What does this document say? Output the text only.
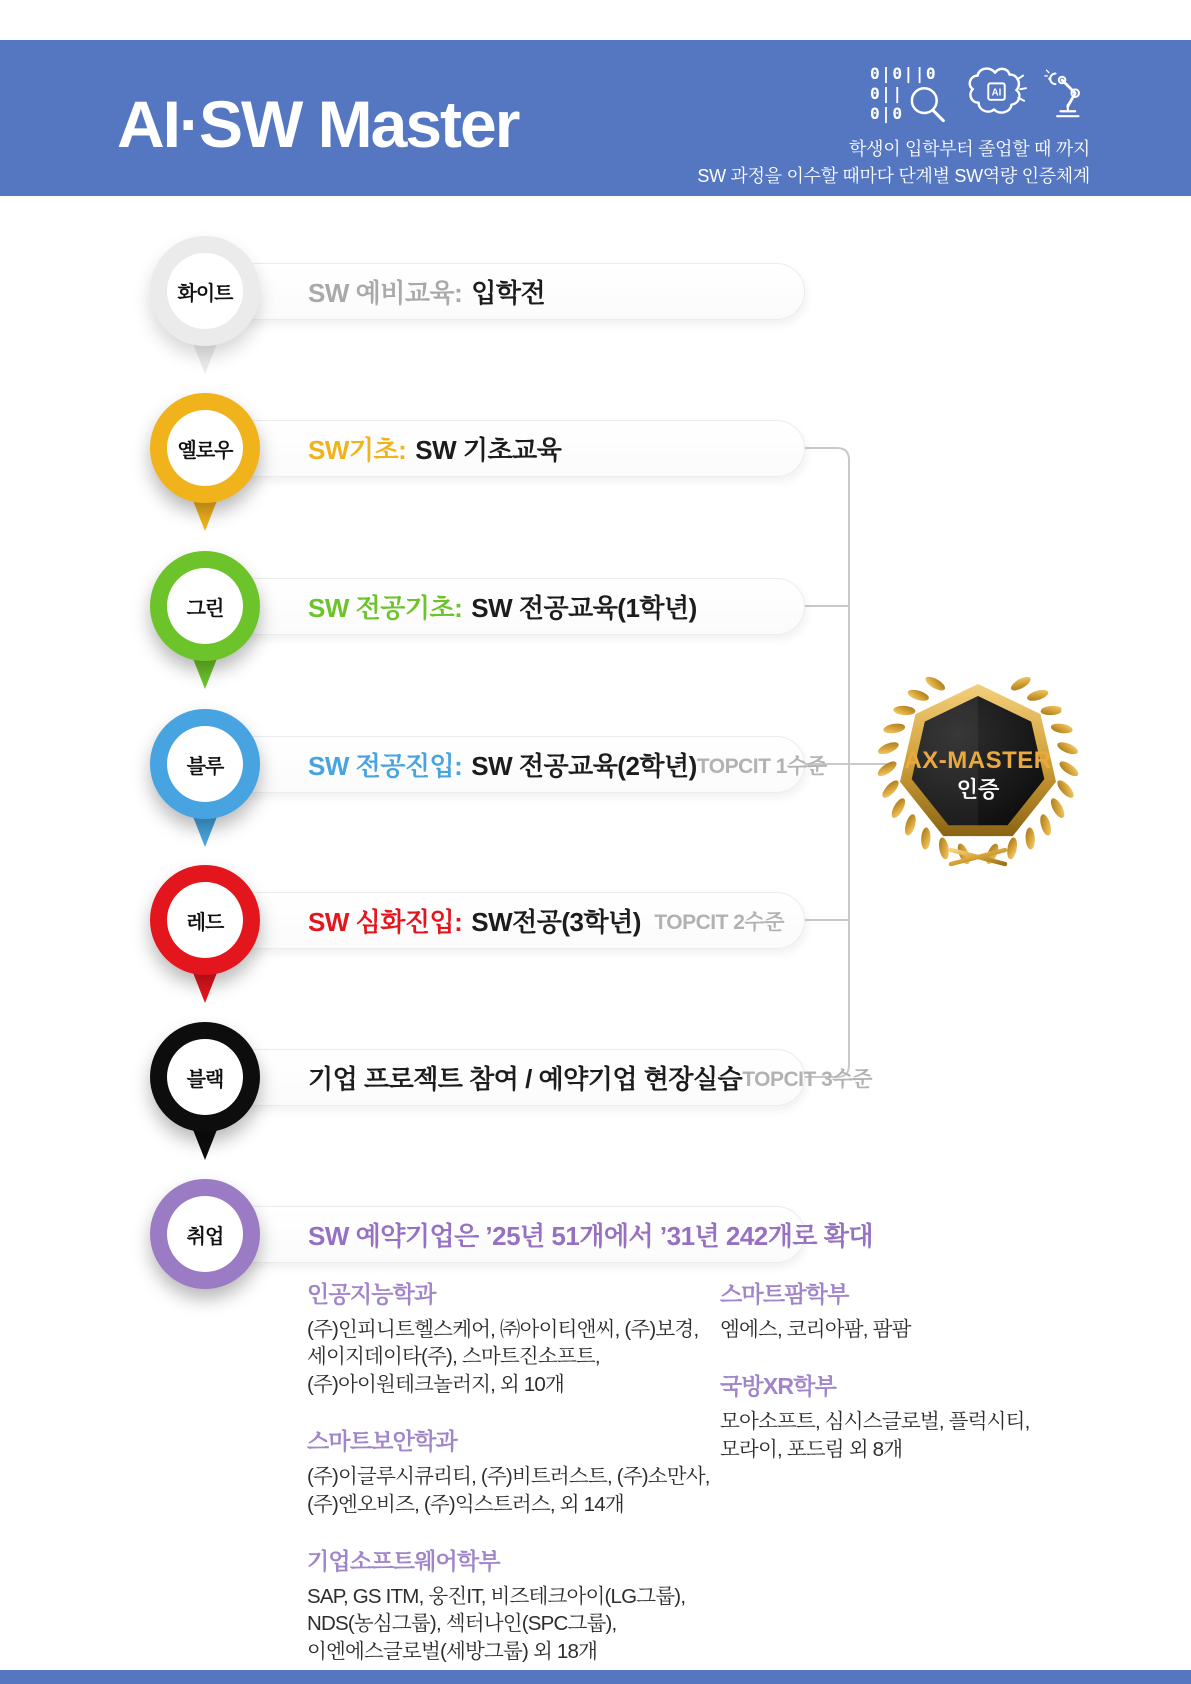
AI·SW Master
0|0||0
0||
0|0
AI
학생이 입학부터 졸업할 때 까지
SW 과정을 이수할 때마다 단계별 SW역량 인증체계
SW 예비교육: 입학전
화이트
SW기초: SW 기초교육
옐로우
SW 전공기초: SW 전공교육(1학년)
그린
SW 전공진입: SW 전공교육(2학년) TOPCIT 1수준
블루
SW 심화진입: SW전공(3학년) TOPCIT 2수준
레드
기업 프로젝트 참여 / 예약기업 현장실습 TOPCIT 3수준
블랙
SW 예약기업은 ’25년 51개에서 ’31년 242개로 확대
취업
AX-MASTER
인증
인공지능학과

(주)인피니트헬스케어, ㈜아이티앤씨, (주)보경,

세이지데이타(주), 스마트진소프트,

(주)아이원테크놀러지, 외 10개

스마트보안학과

(주)이글루시큐리티, (주)비트러스트, (주)소만사,

(주)엔오비즈, (주)익스트러스, 외 14개

기업소프트웨어학부

SAP, GS ITM, 웅진IT, 비즈테크아이(LG그룹),

NDS(농심그룹), 섹터나인(SPC그룹),

이엔에스글로벌(세방그룹) 외 18개

스마트팜학부

엠에스, 코리아팜, 팜팜

국방XR학부

모아소프트, 심시스글로벌, 플럭시티,

모라이, 포드림 외 8개
